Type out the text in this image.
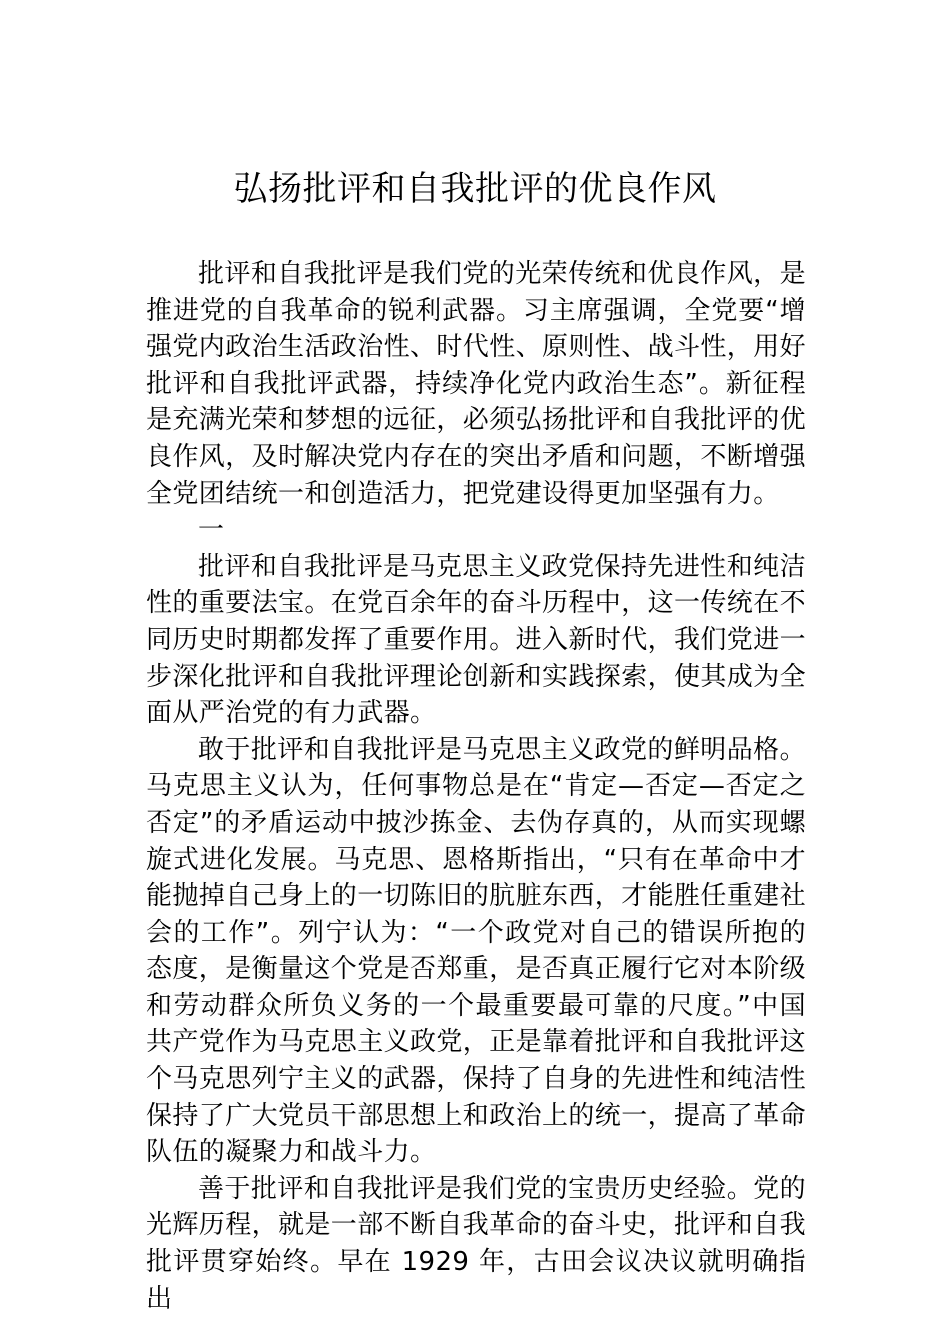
弘扬批评和自我批评的优良作风

批评和自我批评是我们党的光荣传统和优良作风，是推进党的自我革命的锐利武器。习主席强调，全党要“增强党内政治生活政治性、时代性、原则性、战斗性，用好批评和自我批评武器，持续净化党内政治生态”。新征程是充满光荣和梦想的远征，必须弘扬批评和自我批评的优良作风，及时解决党内存在的突出矛盾和问题，不断增强全党团结统一和创造活力，把党建设得更加坚强有力。

一

批评和自我批评是马克思主义政党保持先进性和纯洁性的重要法宝。在党百余年的奋斗历程中，这一传统在不同历史时期都发挥了重要作用。进入新时代，我们党进一步深化批评和自我批评理论创新和实践探索，使其成为全面从严治党的有力武器。

敢于批评和自我批评是马克思主义政党的鲜明品格。马克思主义认为，任何事物总是在“肯定—否定—否定之否定”的矛盾运动中披沙拣金、去伪存真的，从而实现螺旋式进化发展。马克思、恩格斯指出，“只有在革命中才能抛掉自己身上的一切陈旧的肮脏东西，才能胜任重建社会的工作”。列宁认为：“一个政党对自己的错误所抱的态度，是衡量这个党是否郑重，是否真正履行它对本阶级和劳动群众所负义务的一个最重要最可靠的尺度。”中国共产党作为马克思主义政党，正是靠着批评和自我批评这个马克思列宁主义的武器，保持了自身的先进性和纯洁性保持了广大党员干部思想上和政治上的统一，提高了革命队伍的凝聚力和战斗力。

善于批评和自我批评是我们党的宝贵历史经验。党的光辉历程，就是一部不断自我革命的奋斗史，批评和自我批评贯穿始终。早在 1929 年，古田会议决议就明确指出
